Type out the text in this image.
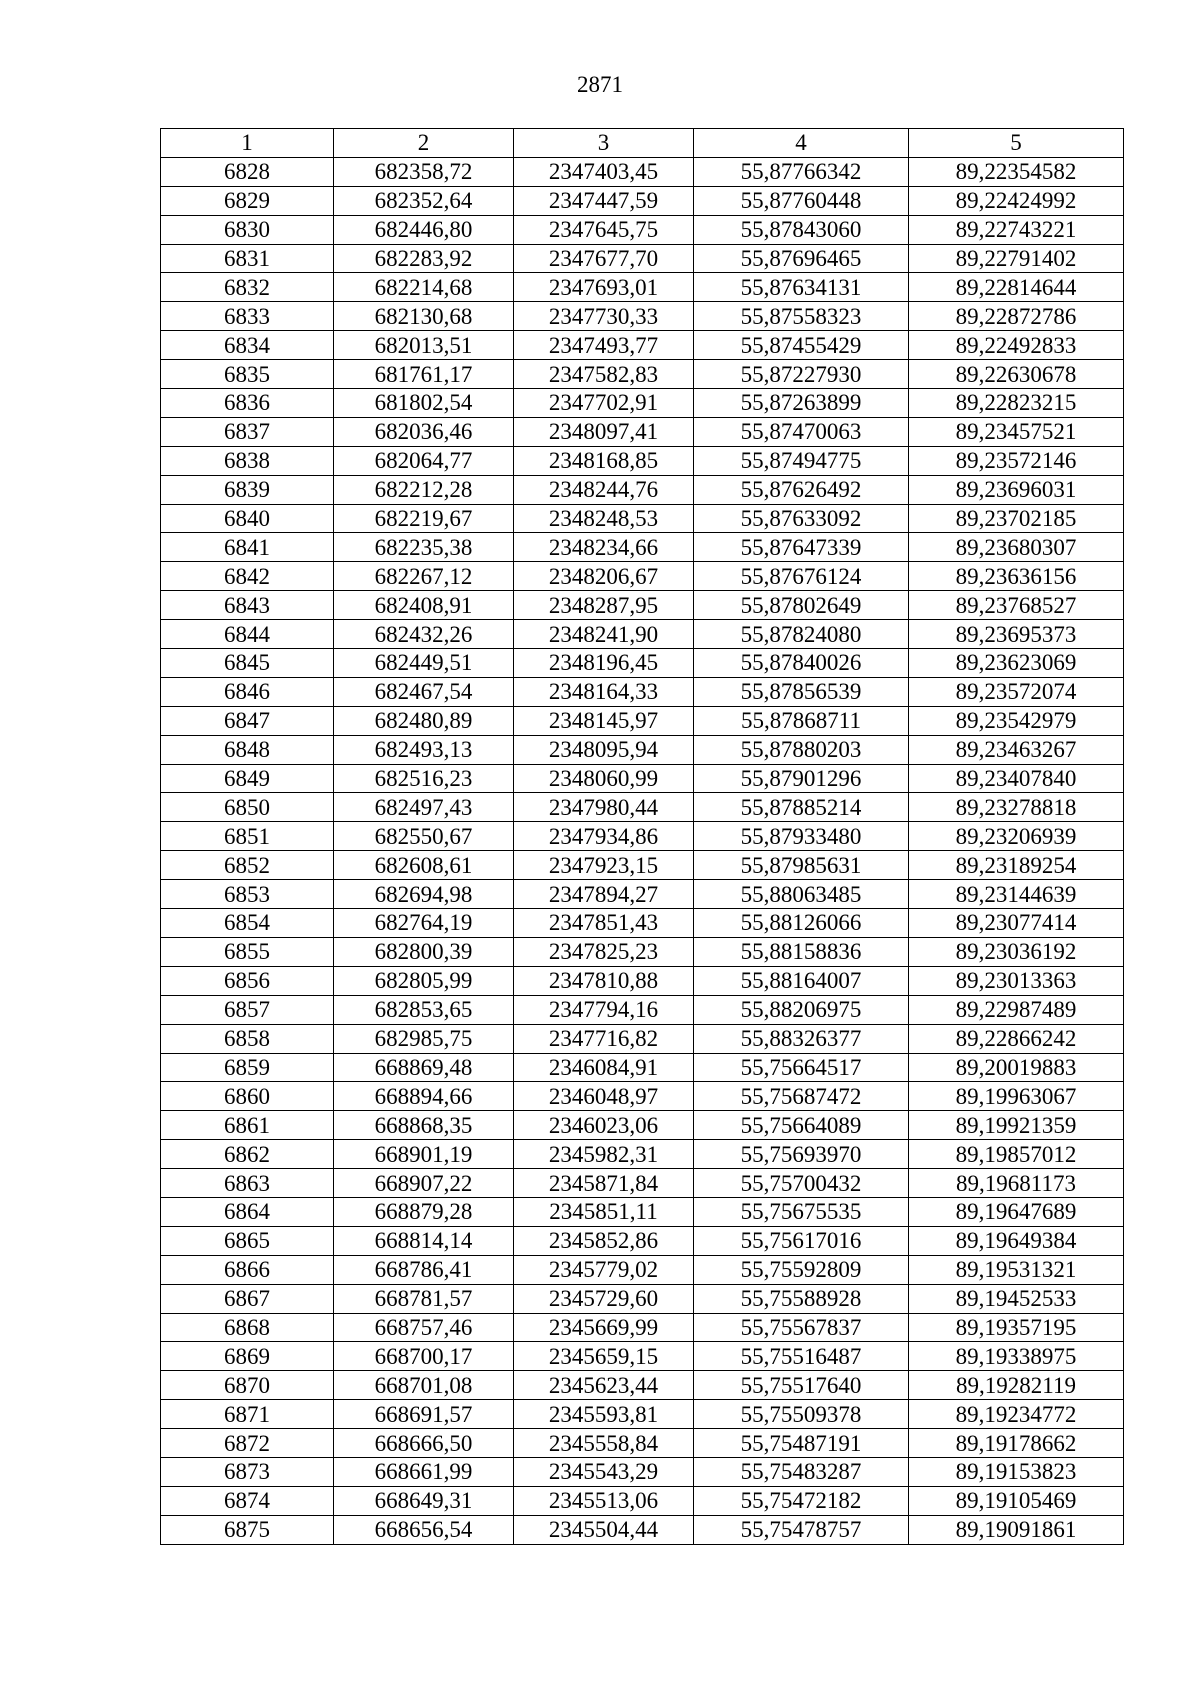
2871
1	2	3	4	5
6828	682358,72	2347403,45	55,87766342	89,22354582
6829	682352,64	2347447,59	55,87760448	89,22424992
6830	682446,80	2347645,75	55,87843060	89,22743221
6831	682283,92	2347677,70	55,87696465	89,22791402
6832	682214,68	2347693,01	55,87634131	89,22814644
6833	682130,68	2347730,33	55,87558323	89,22872786
6834	682013,51	2347493,77	55,87455429	89,22492833
6835	681761,17	2347582,83	55,87227930	89,22630678
6836	681802,54	2347702,91	55,87263899	89,22823215
6837	682036,46	2348097,41	55,87470063	89,23457521
6838	682064,77	2348168,85	55,87494775	89,23572146
6839	682212,28	2348244,76	55,87626492	89,23696031
6840	682219,67	2348248,53	55,87633092	89,23702185
6841	682235,38	2348234,66	55,87647339	89,23680307
6842	682267,12	2348206,67	55,87676124	89,23636156
6843	682408,91	2348287,95	55,87802649	89,23768527
6844	682432,26	2348241,90	55,87824080	89,23695373
6845	682449,51	2348196,45	55,87840026	89,23623069
6846	682467,54	2348164,33	55,87856539	89,23572074
6847	682480,89	2348145,97	55,87868711	89,23542979
6848	682493,13	2348095,94	55,87880203	89,23463267
6849	682516,23	2348060,99	55,87901296	89,23407840
6850	682497,43	2347980,44	55,87885214	89,23278818
6851	682550,67	2347934,86	55,87933480	89,23206939
6852	682608,61	2347923,15	55,87985631	89,23189254
6853	682694,98	2347894,27	55,88063485	89,23144639
6854	682764,19	2347851,43	55,88126066	89,23077414
6855	682800,39	2347825,23	55,88158836	89,23036192
6856	682805,99	2347810,88	55,88164007	89,23013363
6857	682853,65	2347794,16	55,88206975	89,22987489
6858	682985,75	2347716,82	55,88326377	89,22866242
6859	668869,48	2346084,91	55,75664517	89,20019883
6860	668894,66	2346048,97	55,75687472	89,19963067
6861	668868,35	2346023,06	55,75664089	89,19921359
6862	668901,19	2345982,31	55,75693970	89,19857012
6863	668907,22	2345871,84	55,75700432	89,19681173
6864	668879,28	2345851,11	55,75675535	89,19647689
6865	668814,14	2345852,86	55,75617016	89,19649384
6866	668786,41	2345779,02	55,75592809	89,19531321
6867	668781,57	2345729,60	55,75588928	89,19452533
6868	668757,46	2345669,99	55,75567837	89,19357195
6869	668700,17	2345659,15	55,75516487	89,19338975
6870	668701,08	2345623,44	55,75517640	89,19282119
6871	668691,57	2345593,81	55,75509378	89,19234772
6872	668666,50	2345558,84	55,75487191	89,19178662
6873	668661,99	2345543,29	55,75483287	89,19153823
6874	668649,31	2345513,06	55,75472182	89,19105469
6875	668656,54	2345504,44	55,75478757	89,19091861
